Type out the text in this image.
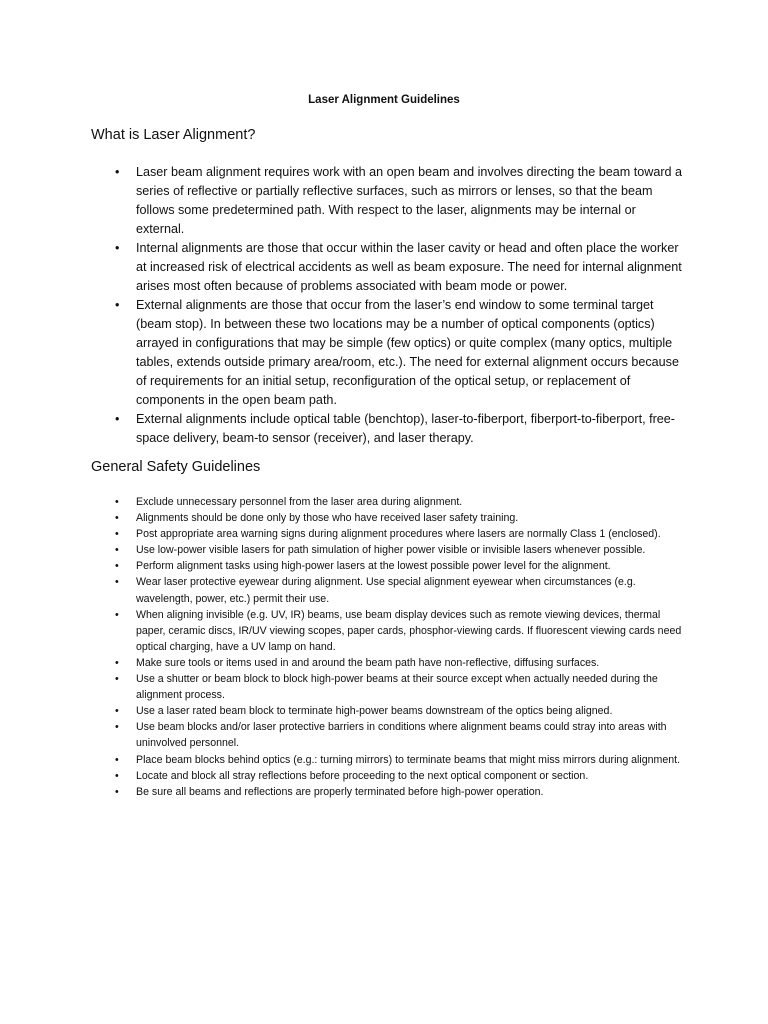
Laser Alignment Guidelines
What is Laser Alignment?
• Laser beam alignment requires work with an open beam and involves directing the beam toward a series of reflective or partially reflective surfaces, such as mirrors or lenses, so that the beam follows some predetermined path. With respect to the laser, alignments may be internal or external.
• Internal alignments are those that occur within the laser cavity or head and often place the worker at increased risk of electrical accidents as well as beam exposure. The need for internal alignment arises most often because of problems associated with beam mode or power.
• External alignments are those that occur from the laser’s end window to some terminal target (beam stop). In between these two locations may be a number of optical components (optics) arrayed in configurations that may be simple (few optics) or quite complex (many optics, multiple tables, extends outside primary area/room, etc.). The need for external alignment occurs because of requirements for an initial setup, reconfiguration of the optical setup, or replacement of components in the open beam path.
• External alignments include optical table (benchtop), laser-to-fiberport, fiberport-to-fiberport, free-space delivery, beam-to sensor (receiver), and laser therapy.
General Safety Guidelines
• Exclude unnecessary personnel from the laser area during alignment.
• Alignments should be done only by those who have received laser safety training.
• Post appropriate area warning signs during alignment procedures where lasers are normally Class 1 (enclosed).
• Use low-power visible lasers for path simulation of higher power visible or invisible lasers whenever possible.
• Perform alignment tasks using high-power lasers at the lowest possible power level for the alignment.
• Wear laser protective eyewear during alignment. Use special alignment eyewear when circumstances (e.g. wavelength, power, etc.) permit their use.
• When aligning invisible (e.g. UV, IR) beams, use beam display devices such as remote viewing devices, thermal paper, ceramic discs, IR/UV viewing scopes, paper cards, phosphor-viewing cards. If fluorescent viewing cards need optical charging, have a UV lamp on hand.
• Make sure tools or items used in and around the beam path have non-reflective, diffusing surfaces.
• Use a shutter or beam block to block high-power beams at their source except when actually needed during the alignment process.
• Use a laser rated beam block to terminate high-power beams downstream of the optics being aligned.
• Use beam blocks and/or laser protective barriers in conditions where alignment beams could stray into areas with uninvolved personnel.
• Place beam blocks behind optics (e.g.: turning mirrors) to terminate beams that might miss mirrors during alignment.
• Locate and block all stray reflections before proceeding to the next optical component or section.
• Be sure all beams and reflections are properly terminated before high-power operation.
